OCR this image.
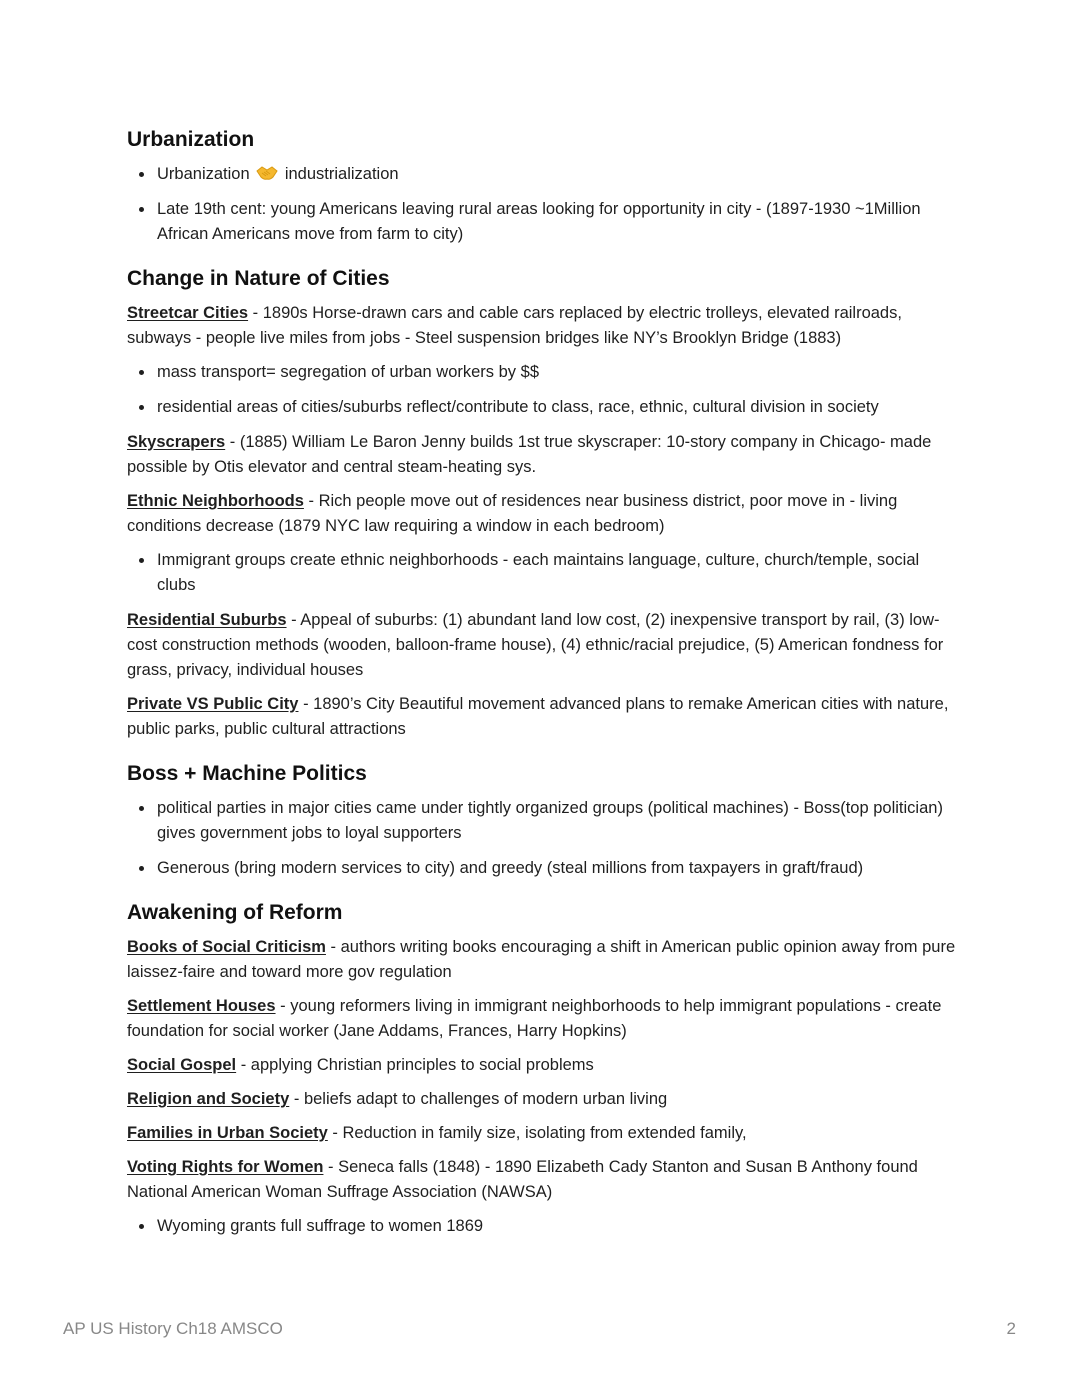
Urbanization
Urbanization industrialization
Late 19th cent: young Americans leaving rural areas looking for opportunity in city - (1897-1930 ~1Million African Americans move from farm to city)
Change in Nature of Cities

Streetcar Cities - 1890s Horse-drawn cars and cable cars replaced by electric trolleys, elevated railroads, subways - people live miles from jobs - Steel suspension bridges like NY’s Brooklyn Bridge (1883)

mass transport= segregation of urban workers by $$
residential areas of cities/suburbs reflect/contribute to class, race, ethnic, cultural division in society

Skyscrapers - (1885) William Le Baron Jenny builds 1st true skyscraper: 10-story company in Chicago- made possible by Otis elevator and central steam-heating sys.

Ethnic Neighborhoods - Rich people move out of residences near business district, poor move in - living conditions decrease (1879 NYC law requiring a window in each bedroom)

Immigrant groups create ethnic neighborhoods - each maintains language, culture, church/temple, social clubs

Residential Suburbs - Appeal of suburbs: (1) abundant land low cost, (2) inexpensive transport by rail, (3) low-cost construction methods (wooden, balloon-frame house), (4) ethnic/racial prejudice, (5) American fondness for grass, privacy, individual houses

Private VS Public City - 1890’s City Beautiful movement advanced plans to remake American cities with nature, public parks, public cultural attractions

Boss + Machine Politics
political parties in major cities came under tightly organized groups (political machines) - Boss(top politician) gives government jobs to loyal supporters
Generous (bring modern services to city) and greedy (steal millions from taxpayers in graft/fraud)
Awakening of Reform

Books of Social Criticism - authors writing books encouraging a shift in American public opinion away from pure laissez-faire and toward more gov regulation

Settlement Houses - young reformers living in immigrant neighborhoods to help immigrant populations - create foundation for social worker (Jane Addams, Frances, Harry Hopkins)

Social Gospel - applying Christian principles to social problems

Religion and Society - beliefs adapt to challenges of modern urban living

Families in Urban Society - Reduction in family size, isolating from extended family,

Voting Rights for Women - Seneca falls (1848) - 1890 Elizabeth Cady Stanton and Susan B Anthony found National American Woman Suffrage Association (NAWSA)

Wyoming grants full suffrage to women 1869
AP US History Ch18 AMSCO	2
